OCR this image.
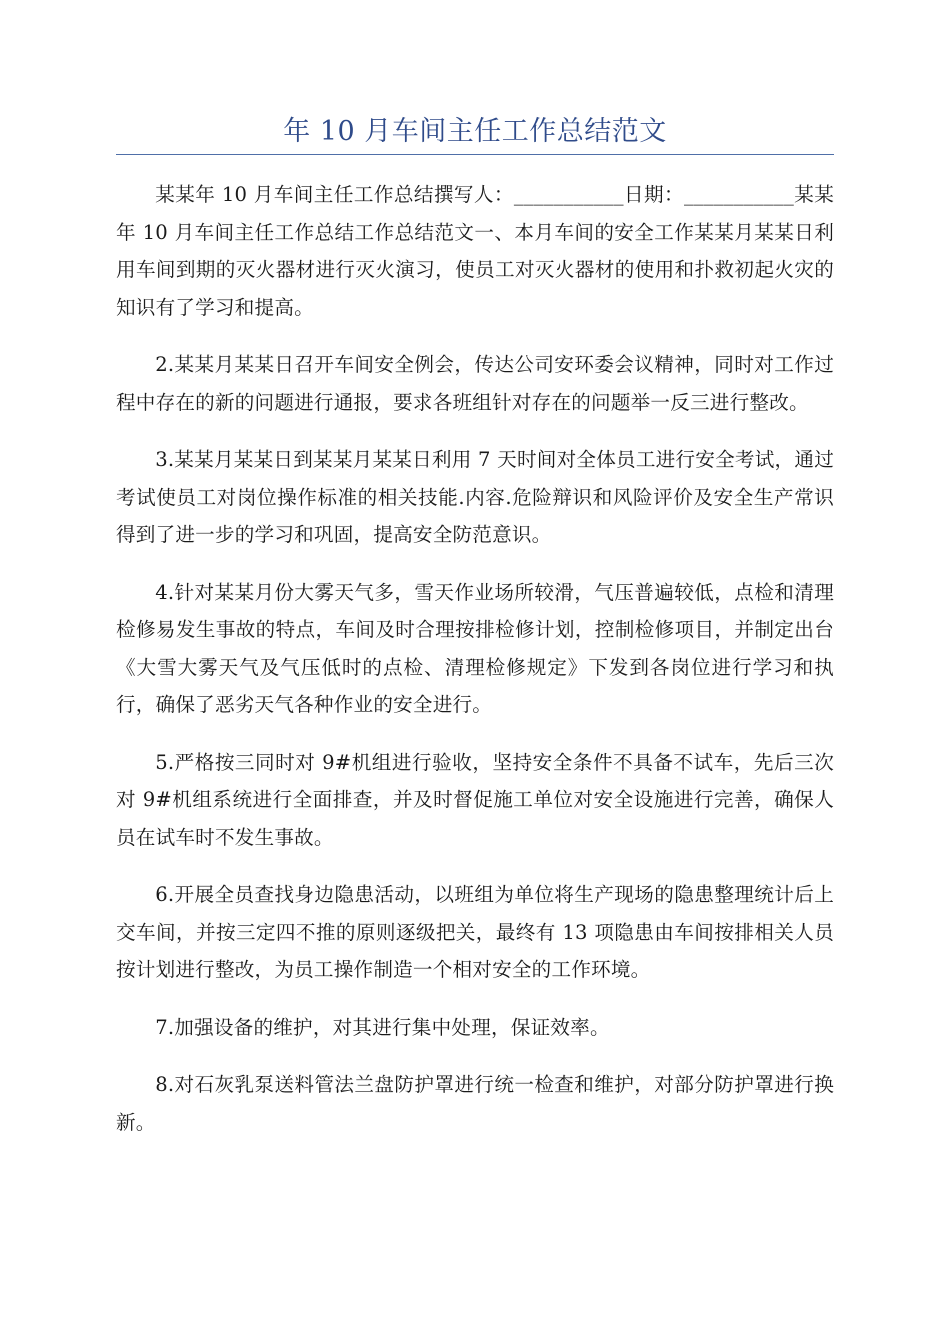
年 10 月车间主任工作总结范文

某某年 10 月车间主任工作总结撰写人：___________日期：___________某某年 10 月车间主任工作总结工作总结范文一、本月车间的安全工作某某月某某日利用车间到期的灭火器材进行灭火演习，使员工对灭火器材的使用和扑救初起火灾的知识有了学习和提高。

2.某某月某某日召开车间安全例会，传达公司安环委会议精神，同时对工作过程中存在的新的问题进行通报，要求各班组针对存在的问题举一反三进行整改。

3.某某月某某日到某某月某某日利用 7 天时间对全体员工进行安全考试，通过考试使员工对岗位操作标准的相关技能.内容.危险辩识和风险评价及安全生产常识得到了进一步的学习和巩固，提高安全防范意识。

4.针对某某月份大雾天气多，雪天作业场所较滑，气压普遍较低，点检和清理检修易发生事故的特点，车间及时合理按排检修计划，控制检修项目，并制定出台《大雪大雾天气及气压低时的点检、清理检修规定》下发到各岗位进行学习和执行，确保了恶劣天气各种作业的安全进行。

5.严格按三同时对 9#机组进行验收，坚持安全条件不具备不试车，先后三次对 9#机组系统进行全面排查，并及时督促施工单位对安全设施进行完善，确保人员在试车时不发生事故。

6.开展全员查找身边隐患活动，以班组为单位将生产现场的隐患整理统计后上交车间，并按三定四不推的原则逐级把关，最终有 13 项隐患由车间按排相关人员按计划进行整改，为员工操作制造一个相对安全的工作环境。

7.加强设备的维护，对其进行集中处理，保证效率。

8.对石灰乳泵送料管法兰盘防护罩进行统一检查和维护，对部分防护罩进行换新。
